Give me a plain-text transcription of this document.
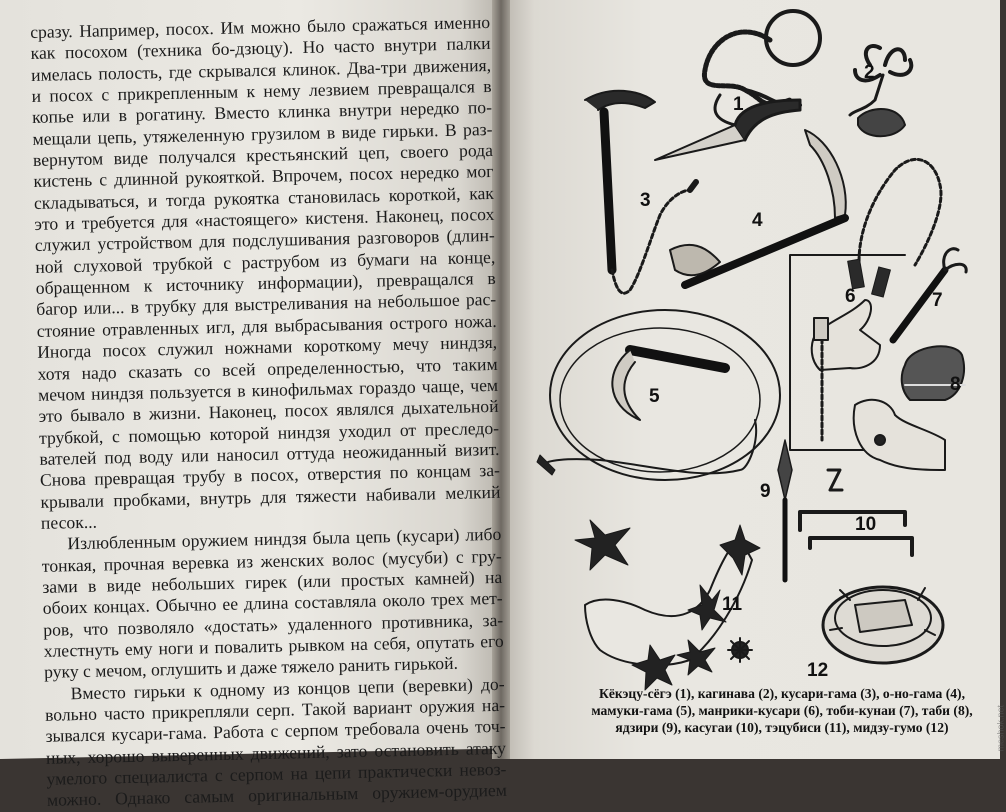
сразу. Например, посох. Им можно было сражаться именно
как посохом (техника бо-дзюцу). Но часто внутри палки
имелась полость, где скрывался клинок. Два-три движения,
и посох с прикрепленным к нему лезвием превращался в
копье или в рогатину. Вместо клинка внутри нередко по-
мещали цепь, утяжеленную грузилом в виде гирьки. В раз-
вернутом виде получался крестьянский цеп, своего рода
кистень с длинной рукояткой. Впрочем, посох нередко мог
складываться, и тогда рукоятка становилась короткой, как
это и требуется для «настоящего» кистеня. Наконец, посох
служил устройством для подслушивания разговоров (длин-
ной слуховой трубкой с раструбом из бумаги на конце,
обращенном к источнику информации), превращался в
багор или... в трубку для выстреливания на небольшое рас-
стояние отравленных игл, для выбрасывания острого ножа.
Иногда посох служил ножнами короткому мечу ниндзя,
хотя надо сказать со всей определенностью, что таким
мечом ниндзя пользуется в кинофильмах гораздо чаще, чем
это бывало в жизни. Наконец, посох являлся дыхательной
трубкой, с помощью которой ниндзя уходил от преследо-
вателей под воду или наносил оттуда неожиданный визит.
Снова превращая трубу в посох, отверстия по концам за-
крывали пробками, внутрь для тяжести набивали мелкий
песок...

Излюбленным оружием ниндзя была цепь (кусари) либо
тонкая, прочная веревка из женских волос (мусуби) с гру-
зами в виде небольших гирек (или простых камней) на
обоих концах. Обычно ее длина составляла около трех мет-
ров, что позволяло «достать» удаленного противника, за-
хлестнуть ему ноги и повалить рывком на себя, опутать его
руку с мечом, оглушить и даже тяжело ранить гирькой.

Вместо гирьки к одному из концов цепи (веревки) до-
вольно часто прикрепляли серп. Такой вариант оружия на-
зывался кусари-гама. Работа с серпом требовала очень точ-
ных, хорошо выверенных движений, зато остановить атаку
умелого специалиста с серпом на цепи практически невоз-
можно. Однако самым оригинальным оружием-орудием

1
2
3
4
5
6	7
8
9
10
11
12
Кёкэцу-сёгэ (1), кагинава (2), кусари-гама (3), о-но-гама (4),
мамуки-гама (5), манрики-кусари (6), тоби-кунаи (7), таби (8),
ядзири (9), касугаи (10), тэцубиси (11), мидзу-гумо (12)	meshok.net
